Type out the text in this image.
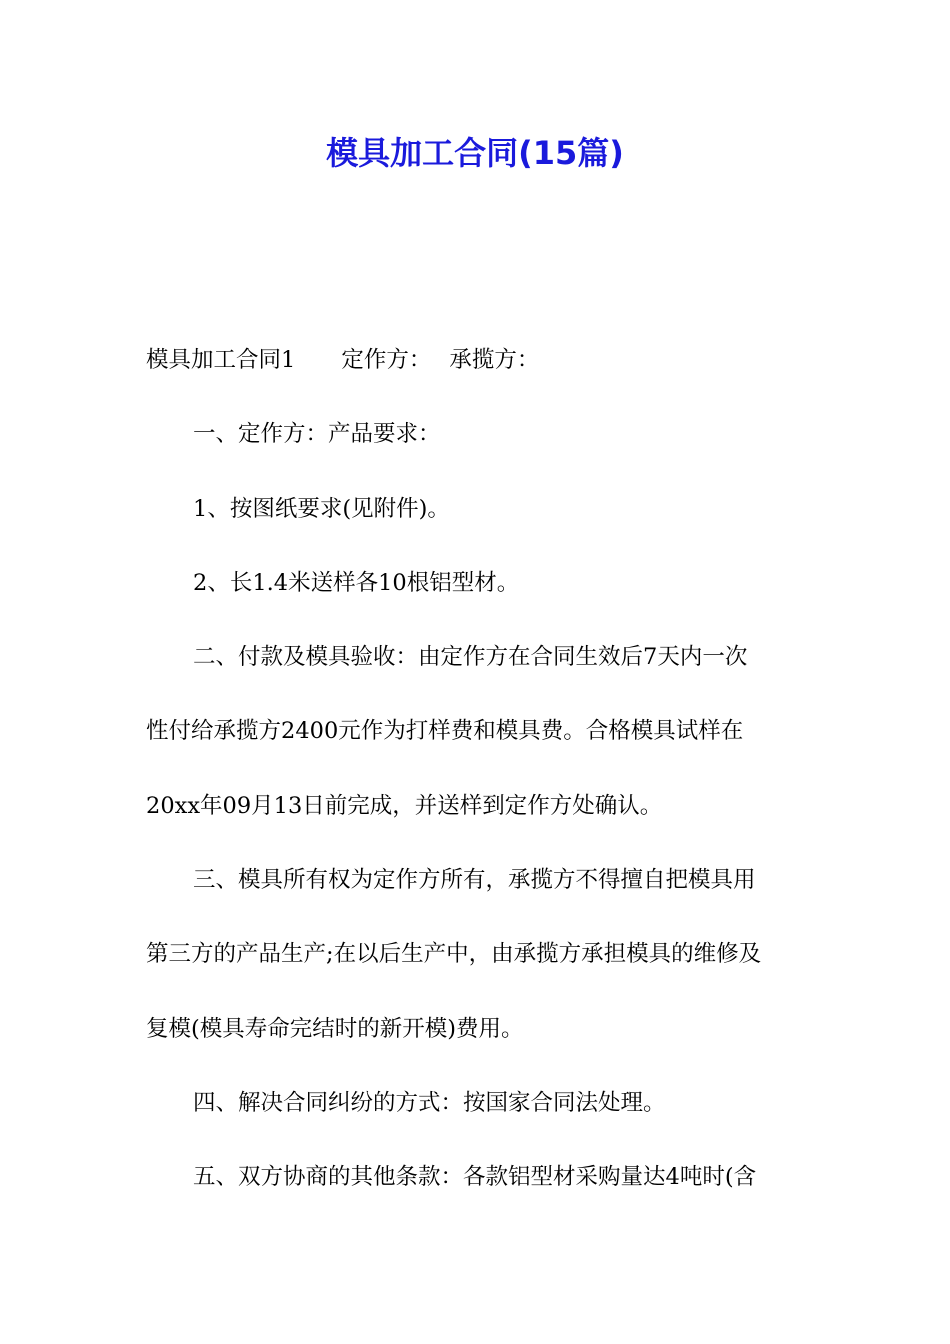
模具加工合同(15篇)

模具加工合同1 定作方： 承揽方：

一、定作方：产品要求：

1、按图纸要求(见附件)。

2、长1.4米送样各10根铝型材。

二、付款及模具验收：由定作方在合同生效后7天内一次

性付给承揽方2400元作为打样费和模具费。合格模具试样在

20xx年09月13日前完成，并送样到定作方处确认。

三、模具所有权为定作方所有，承揽方不得擅自把模具用

第三方的产品生产;在以后生产中，由承揽方承担模具的维修及

复模(模具寿命完结时的新开模)费用。

四、解决合同纠纷的方式：按国家合同法处理。

五、双方协商的其他条款：各款铝型材采购量达4吨时(含
